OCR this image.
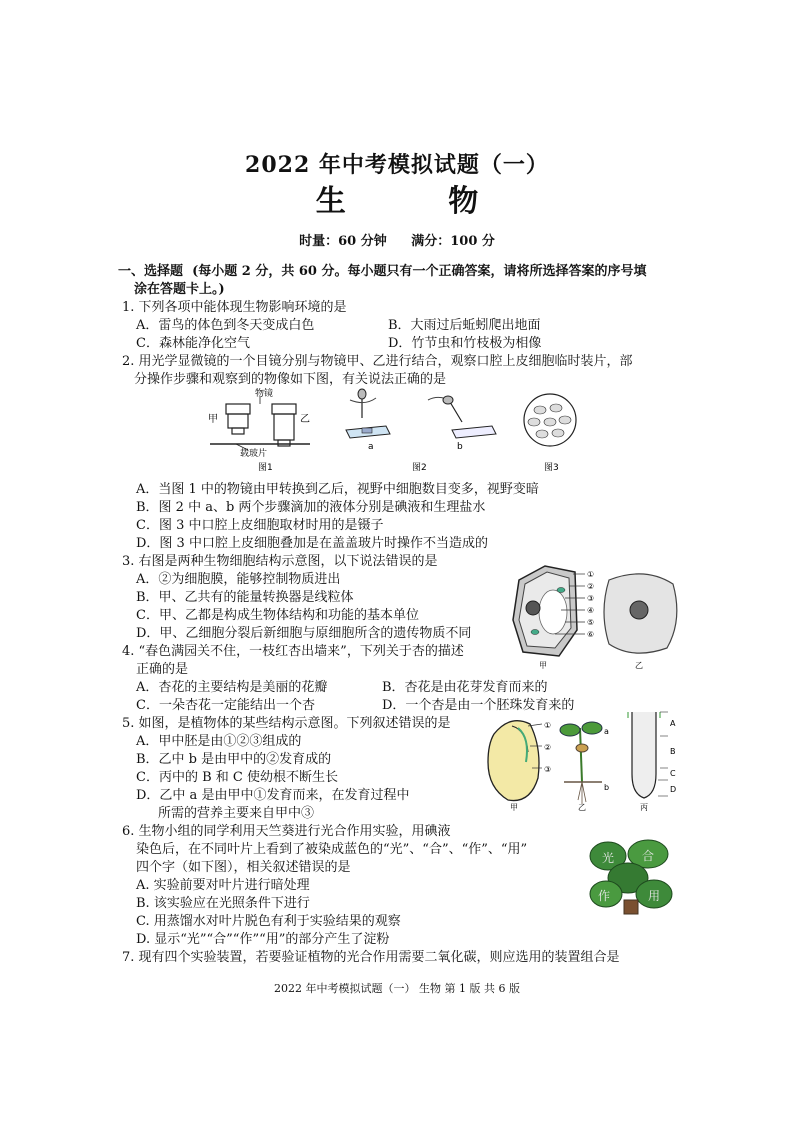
2022 年中考模拟试题（一）
生 物
时量：60 分钟 满分：100 分
一、选择题 (每小题 2 分，共 60 分。每小题只有一个正确答案，请将所选择答案的序号填
涂在答题卡上。)
1. 下列各项中能体现生物影响环境的是
A．雷鸟的体色到冬天变成白色	B．大雨过后蚯蚓爬出地面
C．森林能净化空气	D．竹节虫和竹枝极为相像
2. 用光学显微镜的一个目镜分别与物镜甲、乙进行结合，观察口腔上皮细胞临时装片，部
分操作步骤和观察到的物像如下图，有关说法正确的是
物镜
甲	乙
载玻片
a	b
图1	图2	图3
A．当图 1 中的物镜由甲转换到乙后，视野中细胞数目变多，视野变暗
B．图 2 中 a、b 两个步骤滴加的液体分别是碘液和生理盐水
C．图 3 中口腔上皮细胞取材时用的是镊子
D．图 3 中口腔上皮细胞叠加是在盖盖玻片时操作不当造成的
3. 右图是两种生物细胞结构示意图，以下说法错误的是
A．②为细胞膜，能够控制物质进出
B．甲、乙共有的能量转换器是线粒体
C．甲、乙都是构成生物体结构和功能的基本单位
D．甲、乙细胞分裂后新细胞与原细胞所含的遗传物质不同
①
②
③
④
⑤
⑥
甲	乙
4. “春色满园关不住，一枝红杏出墙来”，下列关于杏的描述
正确的是
A．杏花的主要结构是美丽的花瓣	B．杏花是由花芽发育而来的
C．一朵杏花一定能结出一个杏	D．一个杏是由一个胚珠发育来的
5. 如图，是植物体的某些结构示意图。下列叙述错误的是
A．甲中胚是由①②③组成的
B．乙中 b 是由甲中的②发育成的
C．丙中的 B 和 C 使幼根不断生长
D．乙中 a 是由甲中①发育而来，在发育过程中
所需的营养主要来自甲中③
①
②
③
a
b
A
B
C
D
甲	乙	丙
6. 生物小组的同学利用天竺葵进行光合作用实验，用碘液
染色后，在不同叶片上看到了被染成蓝色的“光”、“合”、“作”、“用”
四个字（如下图），相关叙述错误的是
A. 实验前要对叶片进行暗处理
B. 该实验应在光照条件下进行
C. 用蒸馏水对叶片脱色有利于实验结果的观察
D. 显示“光”“合”“作”“用”的部分产生了淀粉
光 合
作	用
7. 现有四个实验装置，若要验证植物的光合作用需要二氧化碳，则应选用的装置组合是
2022 年中考模拟试题（一） 生物 第 1 版 共 6 版
